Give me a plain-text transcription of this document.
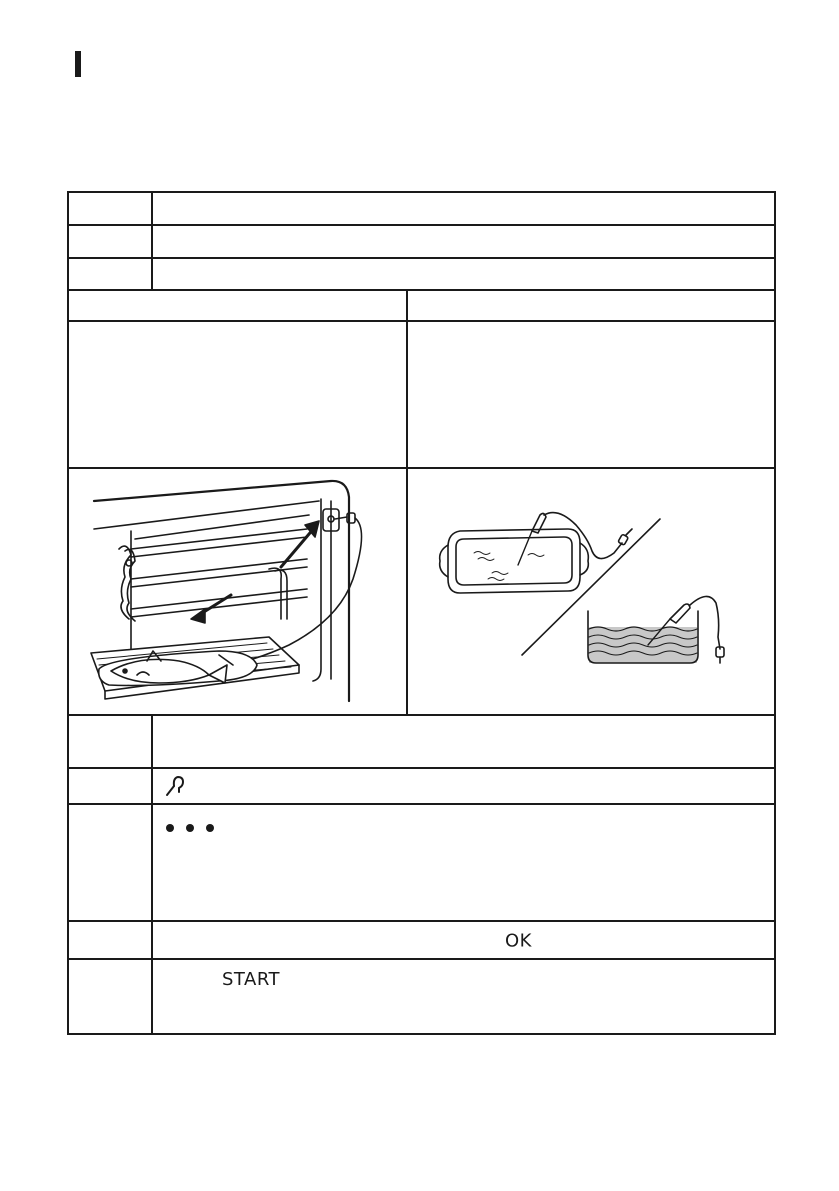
	OK	

	START	
